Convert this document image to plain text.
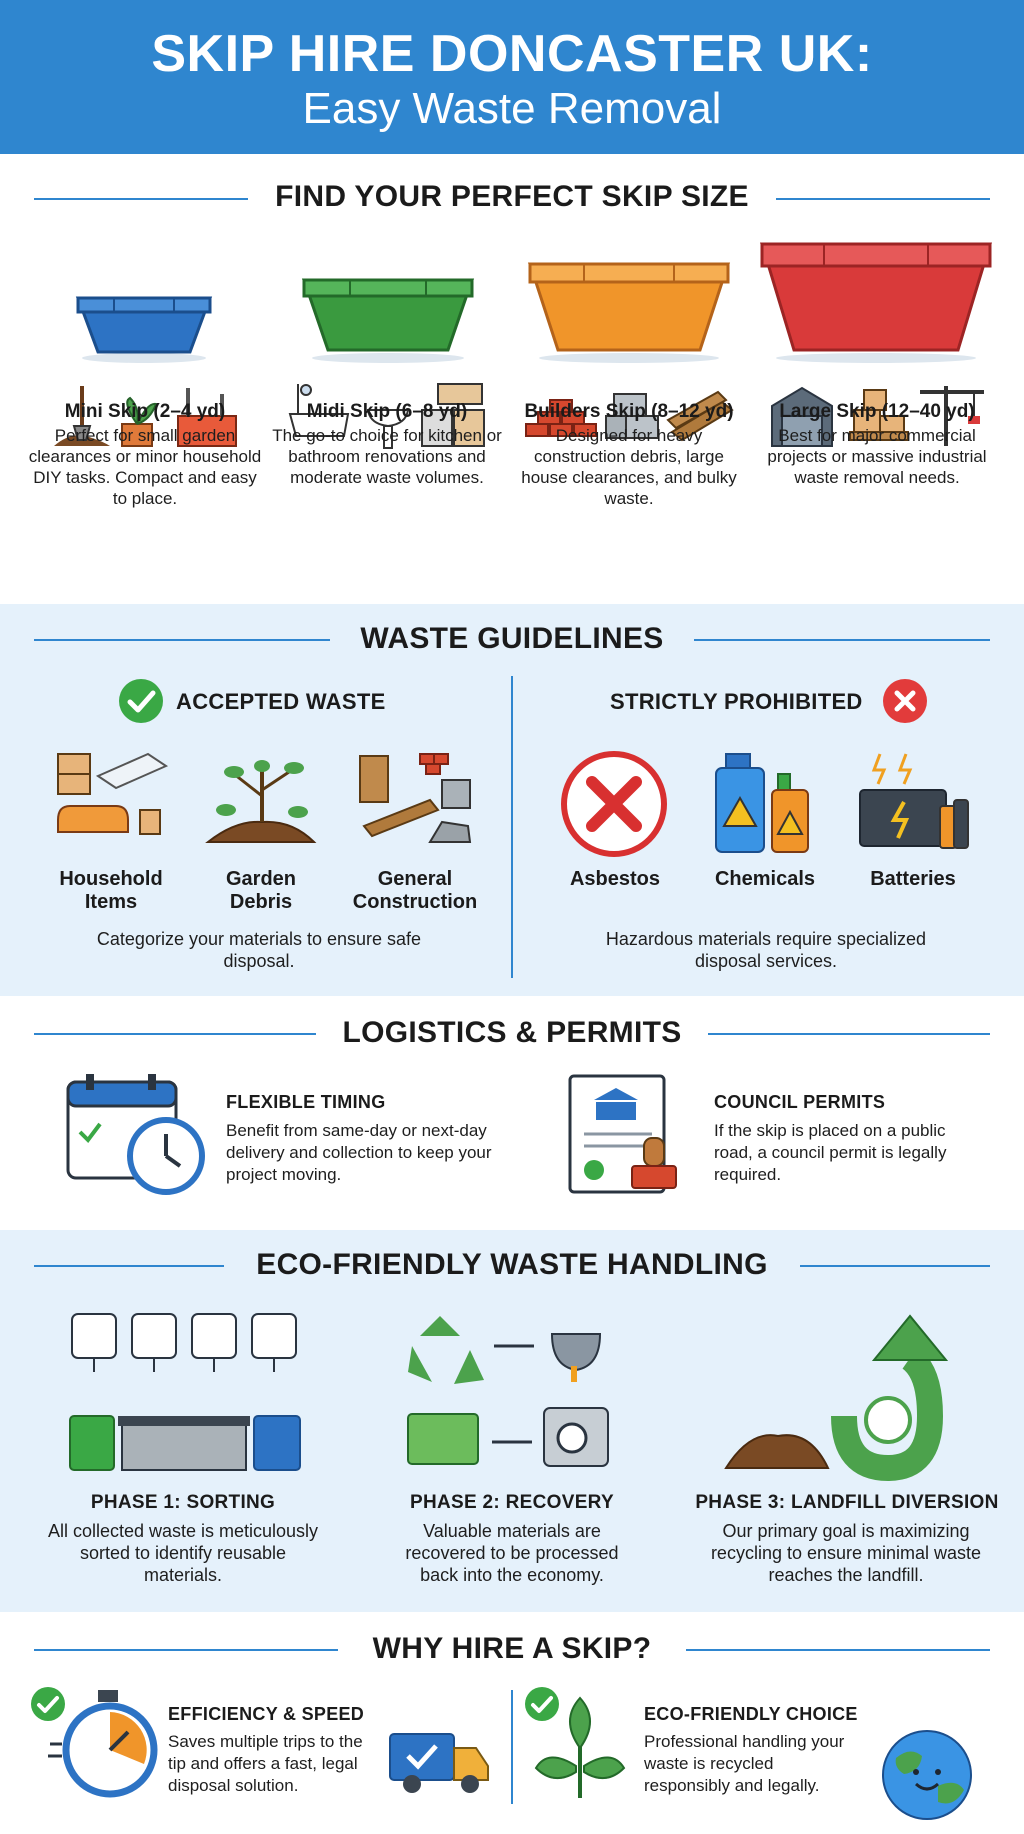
SKIP HIRE DONCASTER UK:
Easy Waste Removal
FIND YOUR PERFECT SKIP SIZE
Mini Skip (2–4 yd)
Perfect for small garden clearances or minor household DIY tasks. Compact and easy to place.
Midi Skip (6–8 yd)
The go-to choice for kitchen or bathroom renovations and moderate waste volumes.
Builders Skip (8–12 yd)
Designed for heavy construction debris, large house clearances, and bulky waste.
Large Skip (12–40 yd)
Best for major commercial projects or massive industrial waste removal needs.
WASTE GUIDELINES
ACCEPTED WASTE	STRICTLY PROHIBITED
Household Items
Garden Debris
General Construction
Asbestos	Chemicals	Batteries
Categorize your materials to ensure safe disposal.
Hazardous materials require specialized disposal services.
LOGISTICS & PERMITS
FLEXIBLE TIMING
Benefit from same-day or next-day delivery and collection to keep your project moving.
COUNCIL PERMITS
If the skip is placed on a public road, a council permit is legally required.
ECO-FRIENDLY WASTE HANDLING
PHASE 1: SORTING
All collected waste is meticulously sorted to identify reusable materials.
PHASE 2: RECOVERY
Valuable materials are recovered to be processed back into the economy.
PHASE 3: LANDFILL DIVERSION
Our primary goal is maximizing recycling to ensure minimal waste reaches the landfill.
WHY HIRE A SKIP?
EFFICIENCY & SPEED
Saves multiple trips to the tip and offers a fast, legal disposal solution.
ECO-FRIENDLY CHOICE
Professional handling your waste is recycled responsibly and legally.
